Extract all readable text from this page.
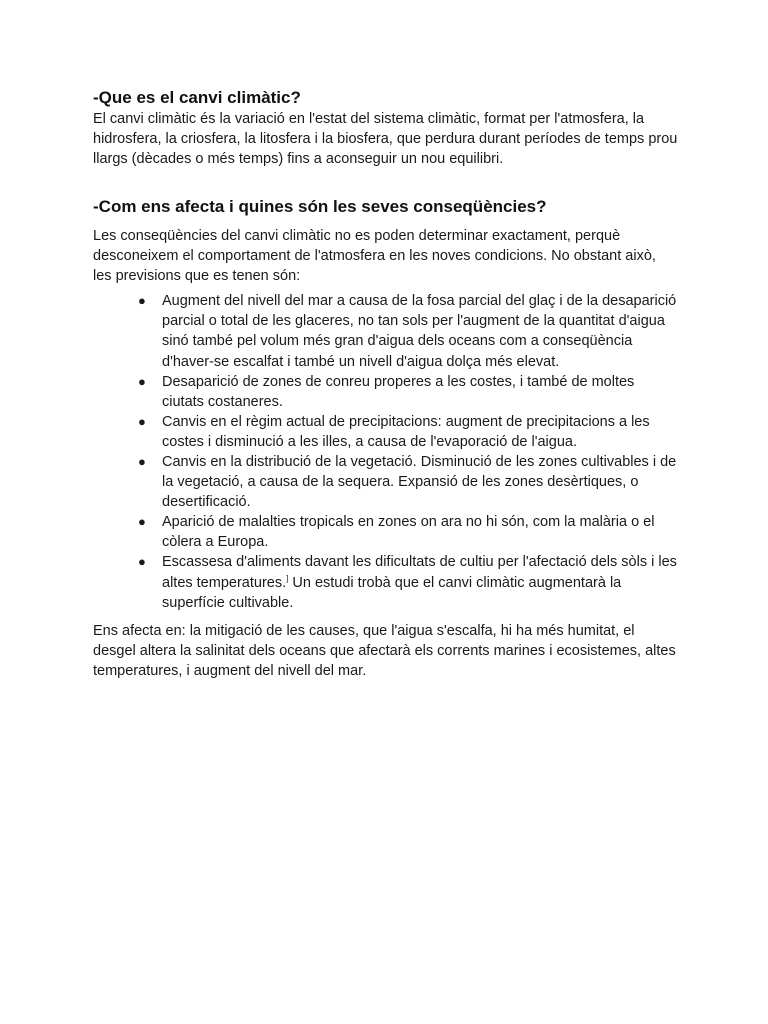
-Que es el canvi climàtic?

El canvi climàtic és la variació en l'estat del sistema climàtic, format per l'atmosfera, la hidrosfera, la criosfera, la litosfera i la biosfera, que perdura durant períodes de temps prou llargs (dècades o més temps) fins a aconseguir un nou equilibri.

-Com ens afecta i quines són les seves conseqüències?

Les conseqüències del canvi climàtic no es poden determinar exactament, perquè desconeixem el comportament de l'atmosfera en les noves condicions. No obstant això, les previsions que es tenen són:

● Augment del nivell del mar a causa de la fosa parcial del glaç i de la desaparició parcial o total de les glaceres, no tan sols per l'augment de la quantitat d'aigua sinó també pel volum més gran d'aigua dels oceans com a conseqüència d'haver-se escalfat i també un nivell d'aigua dolça més elevat.
● Desaparició de zones de conreu properes a les costes, i també de moltes ciutats costaneres.
● Canvis en el règim actual de precipitacions: augment de precipitacions a les costes i disminució a les illes, a causa de l'evaporació de l'aigua.
● Canvis en la distribució de la vegetació. Disminució de les zones cultivables i de la vegetació, a causa de la sequera. Expansió de les zones desèrtiques, o desertificació.
● Aparició de malalties tropicals en zones on ara no hi són, com la malària o el còlera a Europa.
● Escassesa d'aliments davant les dificultats de cultiu per l'afectació dels sòls i les altes temperatures.] Un estudi trobà que el canvi climàtic augmentarà la superfície cultivable.

Ens afecta en: la mitigació de les causes, que l'aigua s'escalfa, hi ha més humitat, el desgel altera la salinitat dels oceans que afectarà els corrents marines i ecosistemes, altes temperatures, i augment del nivell del mar.
